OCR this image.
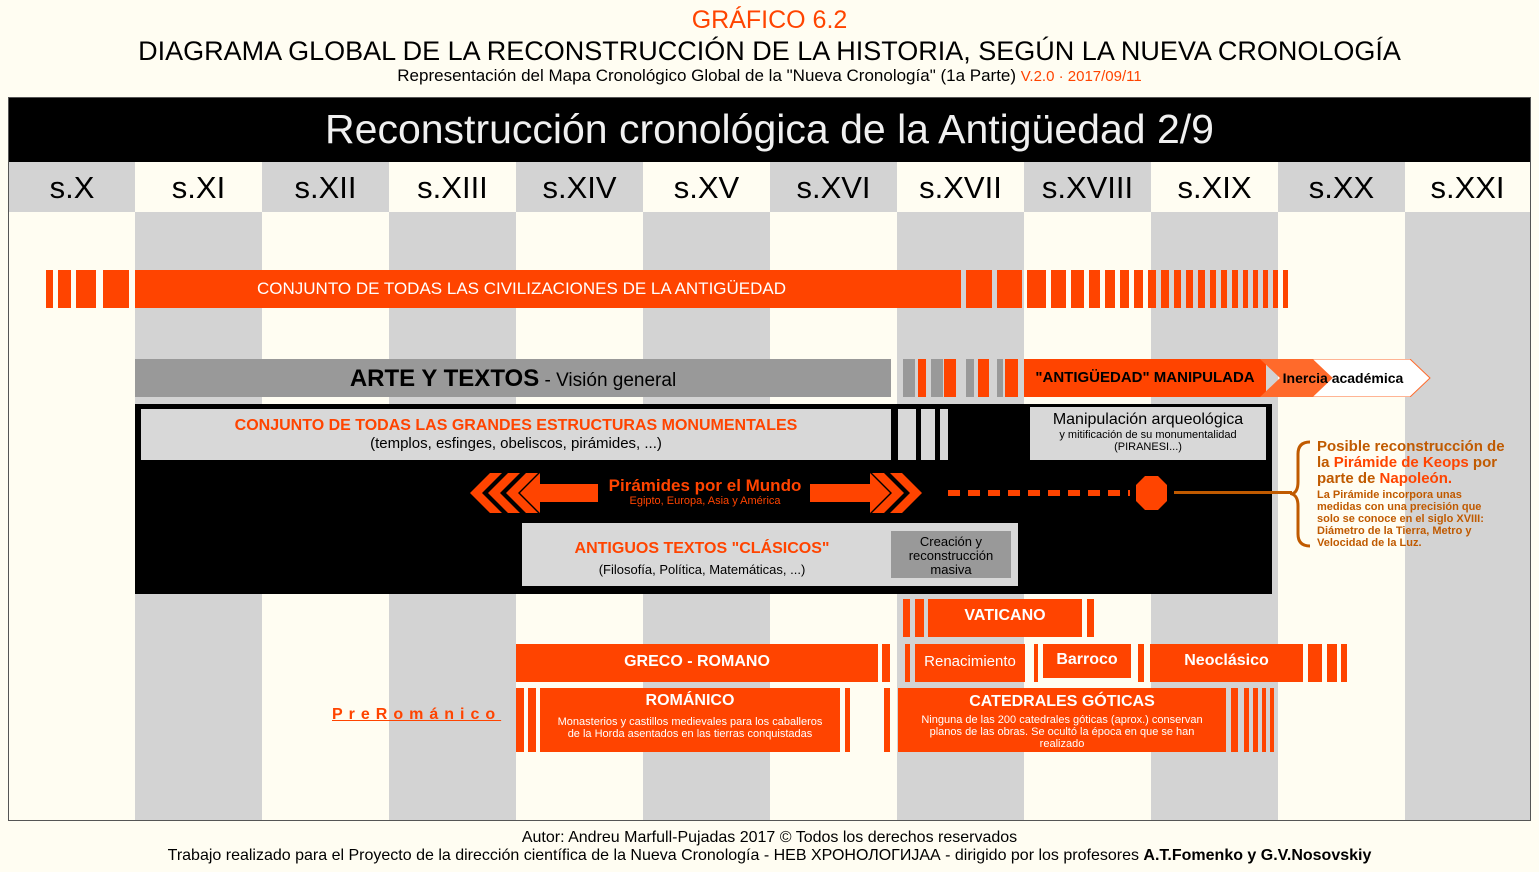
GRÁFICO 6.2
DIAGRAMA GLOBAL DE LA RECONSTRUCCIÓN DE LA HISTORIA, SEGÚN LA NUEVA CRONOLOGÍA
Representación del Mapa Cronológico Global de la "Nueva Cronología" (1a Parte) V.2.0 · 2017/09/11
Reconstrucción cronológica de la Antigüedad 2/9
s.X	s.XI	s.XII	s.XIII	s.XIV	s.XV	s.XVI	s.XVII	s.XVIII	s.XIX	s.XX	s.XXI
CONJUNTO DE TODAS LAS CIVILIZACIONES DE LA ANTIGÜEDAD
ARTE Y TEXTOS - Visión general	"ANTIGÜEDAD" MANIPULADA	Inercia académica
CONJUNTO DE TODAS LAS GRANDES ESTRUCTURAS MONUMENTALES
(templos, esfinges, obeliscos, pirámides, ...)
Manipulación arqueológica
y mitificación de su monumentalidad
(PIRANESI...)
Pirámides por el Mundo
Egipto, Europa, Asia y América
ANTIGUOS TEXTOS "CLÁSICOS"
(Filosofía, Política, Matemáticas, ...)
Creación y
reconstrucción
masiva
Posible reconstrucción de
la Pirámide de Keops por
parte de Napoleón.
La Pirámide incorpora unas
medidas con una precisión que
solo se conoce en el siglo XVIII:
Diámetro de la Tierra, Metro y
Velocidad de la Luz.
VATICANO
GRECO - ROMANO	Renacimiento	Barroco	Neoclásico
PreRománico
ROMÁNICO
Monasterios y castillos medievales para los caballeros
de la Horda asentados en las tierras conquistadas
CATEDRALES GÓTICAS
Ninguna de las 200 catedrales góticas (aprox.) conservan
planos de las obras. Se ocultó la época en que se han
realizado
Autor: Andreu Marfull-Pujadas 2017 © Todos los derechos reservados
Trabajo realizado para el Proyecto de la dirección científica de la Nueva Cronología - НЕВ ХРОНОЛОГИЈАА - dirigido por los profesores A.T.Fomenko y G.V.Nosovskiy
